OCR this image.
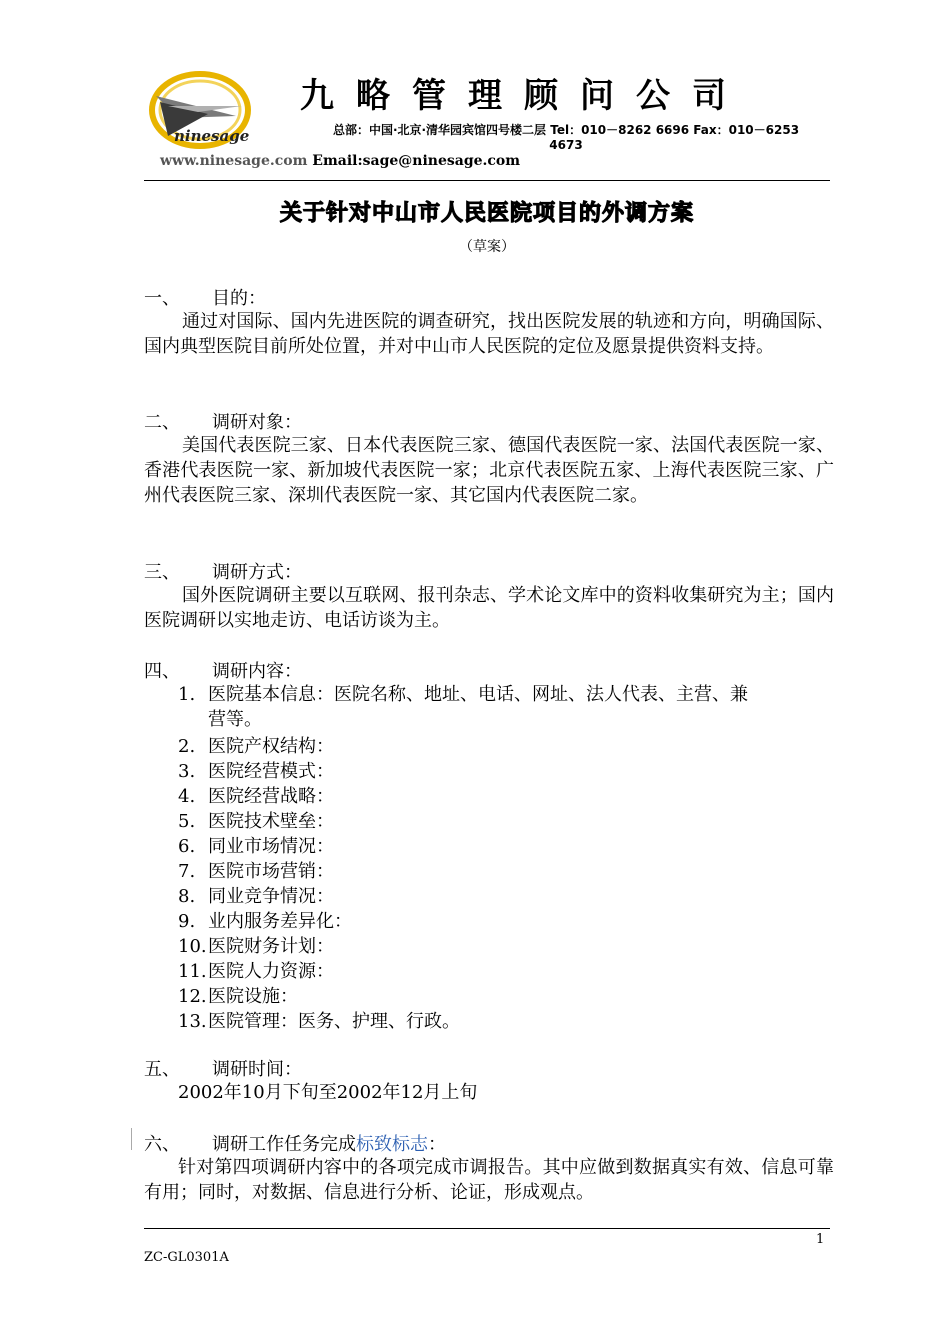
ninesage
九略管理顾问公司
总部：中国·北京·清华园宾馆四号楼二层 Tel：010－8262 6696 Fax：010－6253
4673
www.ninesage.com Email:sage@ninesage.com
关于针对中山市人民医院项目的外调方案
（草案）
一、 目的：
通过对国际、国内先进医院的调查研究，找出医院发展的轨迹和方向，明确国际、国内典型医院目前所处位置，并对中山市人民医院的定位及愿景提供资料支持。
二、 调研对象：
美国代表医院三家、日本代表医院三家、德国代表医院一家、法国代表医院一家、香港代表医院一家、新加坡代表医院一家；北京代表医院五家、上海代表医院三家、广州代表医院三家、深圳代表医院一家、其它国内代表医院二家。
三、 调研方式：
国外医院调研主要以互联网、报刊杂志、学术论文库中的资料收集研究为主；国内医院调研以实地走访、电话访谈为主。
四、 调研内容：
1. 医院基本信息：医院名称、地址、电话、网址、法人代表、主营、兼
营等。
2. 医院产权结构：
3. 医院经营模式：
4. 医院经营战略：
5. 医院技术壁垒：
6. 同业市场情况：
7. 医院市场营销：
8. 同业竞争情况：
9. 业内服务差异化：
10.医院财务计划：
11.医院人力资源：
12.医院设施：
13.医院管理：医务、护理、行政。
五、 调研时间：
2002年10月下旬至2002年12月上旬
六、 调研工作任务完成标致标志：
针对第四项调研内容中的各项完成市调报告。其中应做到数据真实有效、信息可靠有用；同时，对数据、信息进行分析、论证，形成观点。
1
ZC-GL0301A
